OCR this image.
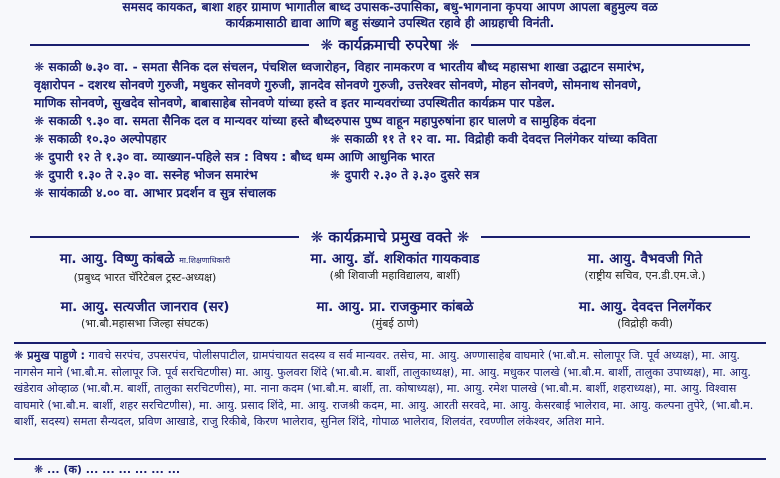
समसद कायकत, बाशा शहर ग्रामाण भागातील बाध्द उपासक-उपासिका, बधु-भागनाना कृपया आपण आपला बहुमुल्य वळ
कार्यक्रमासाठी द्यावा आणि बहु संख्याने उपस्थित रहावे ही आग्रहाची विनंती.
❋ कार्यक्रमाची रुपरेषा ❋
❋ सकाळी ७.३० वा. - समता सैनिक दल संचलन, पंचशिल ध्वजारोहन, विहार नामकरण व भारतीय बौध्द महासभा शाखा उद्घाटन समारंभ,
वृक्षारोपन - दशरथ सोनवणे गुरुजी, मधुकर सोनवणे गुरुजी, ज्ञानदेव सोनवणे गुरुजी, उत्तरेश्वर सोनवणे, मोहन सोनवणे, सोमनाथ सोनवणे,
माणिक सोनवणे, सुखदेव सोनवणे, बाबासाहेब सोनवणे यांच्या हस्ते व इतर मान्यवरांच्या उपस्थितीत कार्यक्रम पार पडेल.
❋ सकाळी ९.३० वा. समता सैनिक दल व मान्यवर यांच्या हस्ते बौध्दरुपास पुष्प वाहून महापुरुषांना हार घालणे व सामुहिक वंदना
❋ सकाळी १०.३० अल्पोपहार	❋ सकाळी ११ ते १२ वा. मा. विद्रोही कवी देवदत्त निलंगेकर यांच्या कविता
❋ दुपारी १२ ते १.३० वा. व्याख्यान-पहिले सत्र : विषय : बौध्द धम्म आणि आधुनिक भारत
❋ दुपारी १.३० ते २.३० वा. सस्नेह भोजन समारंभ	❋ दुपारी २.३० ते ३.३० दुसरे सत्र
❋ सायंकाळी ४.०० वा. आभार प्रदर्शन व सुत्र संचालक
❋ कार्यक्रमाचे प्रमुख वक्ते ❋
मा. आयु. विष्णु कांबळे मा.शिक्षणाधिकारी
(प्रबुध्द भारत चॅरिटेबल ट्रस्ट-अध्यक्ष)
मा. आयु. डॉ. शशिकांत गायकवाड
(श्री शिवाजी महाविद्यालय, बार्शी)
मा. आयु. वैभवजी गिते
(राष्ट्रीय सचिव, एन.डी.एम.जे.)
मा. आयु. सत्यजीत जानराव (सर)
(भा.बौ.महासभा जिल्हा संघटक)
मा. आयु. प्रा. राजकुमार कांबळे
(मुंबई ठाणे)
मा. आयु. देवदत्त निलगेंकर
(विद्रोही कवी)
❋ प्रमुख पाहुणे : गावचे सरपंच, उपसरपंच, पोलीसपाटील, ग्रामपंचायत सदस्य व सर्व मान्यवर. तसेच, मा. आयु. अण्णासाहेब वाघमारे (भा.बौ.म. सोलापूर जि. पूर्व अध्यक्ष), मा. आयु. नागसेन माने (भा.बौ.म. सोलापूर जि. पूर्व सरचिटणीस) मा. आयु. फुलवरा शिंदे (भा.बौ.म. बार्शी, तालुकाध्यक्ष), मा. आयु. मधुकर पालखे (भा.बौ.म. बार्शी, तालुका उपाध्यक्ष), मा. आयु. खंडेराव ओव्हाळ (भा.बौ.म. बार्शी, तालुका सरचिटणीस), मा. नाना कदम (भा.बौ.म. बार्शी, ता. कोषाध्यक्ष), मा. आयु. रमेश पालखे (भा.बौ.म. बार्शी, शहराध्यक्ष), मा. आयु. विश्वास वाघमारे (भा.बौ.म. बार्शी, शहर सरचिटणीस), मा. आयु. प्रसाद शिंदे, मा. आयु. राजश्री कदम, मा. आयु. आरती सरवदे, मा. आयु. केसरबाई भालेराव, मा. आयु. कल्पना तुपेरे, (भा.बौ.म. बार्शी, सदस्य) समता सैन्यदल, प्रविण आखाडे, राजु रिकीबे, किरण भालेराव, सुनिल शिंदे, गोपाळ भालेराव, शिलवंत, रवण्णील लंकेश्वर, अतिश माने.
❋ ... (क) ... ... ... ... ... ...
